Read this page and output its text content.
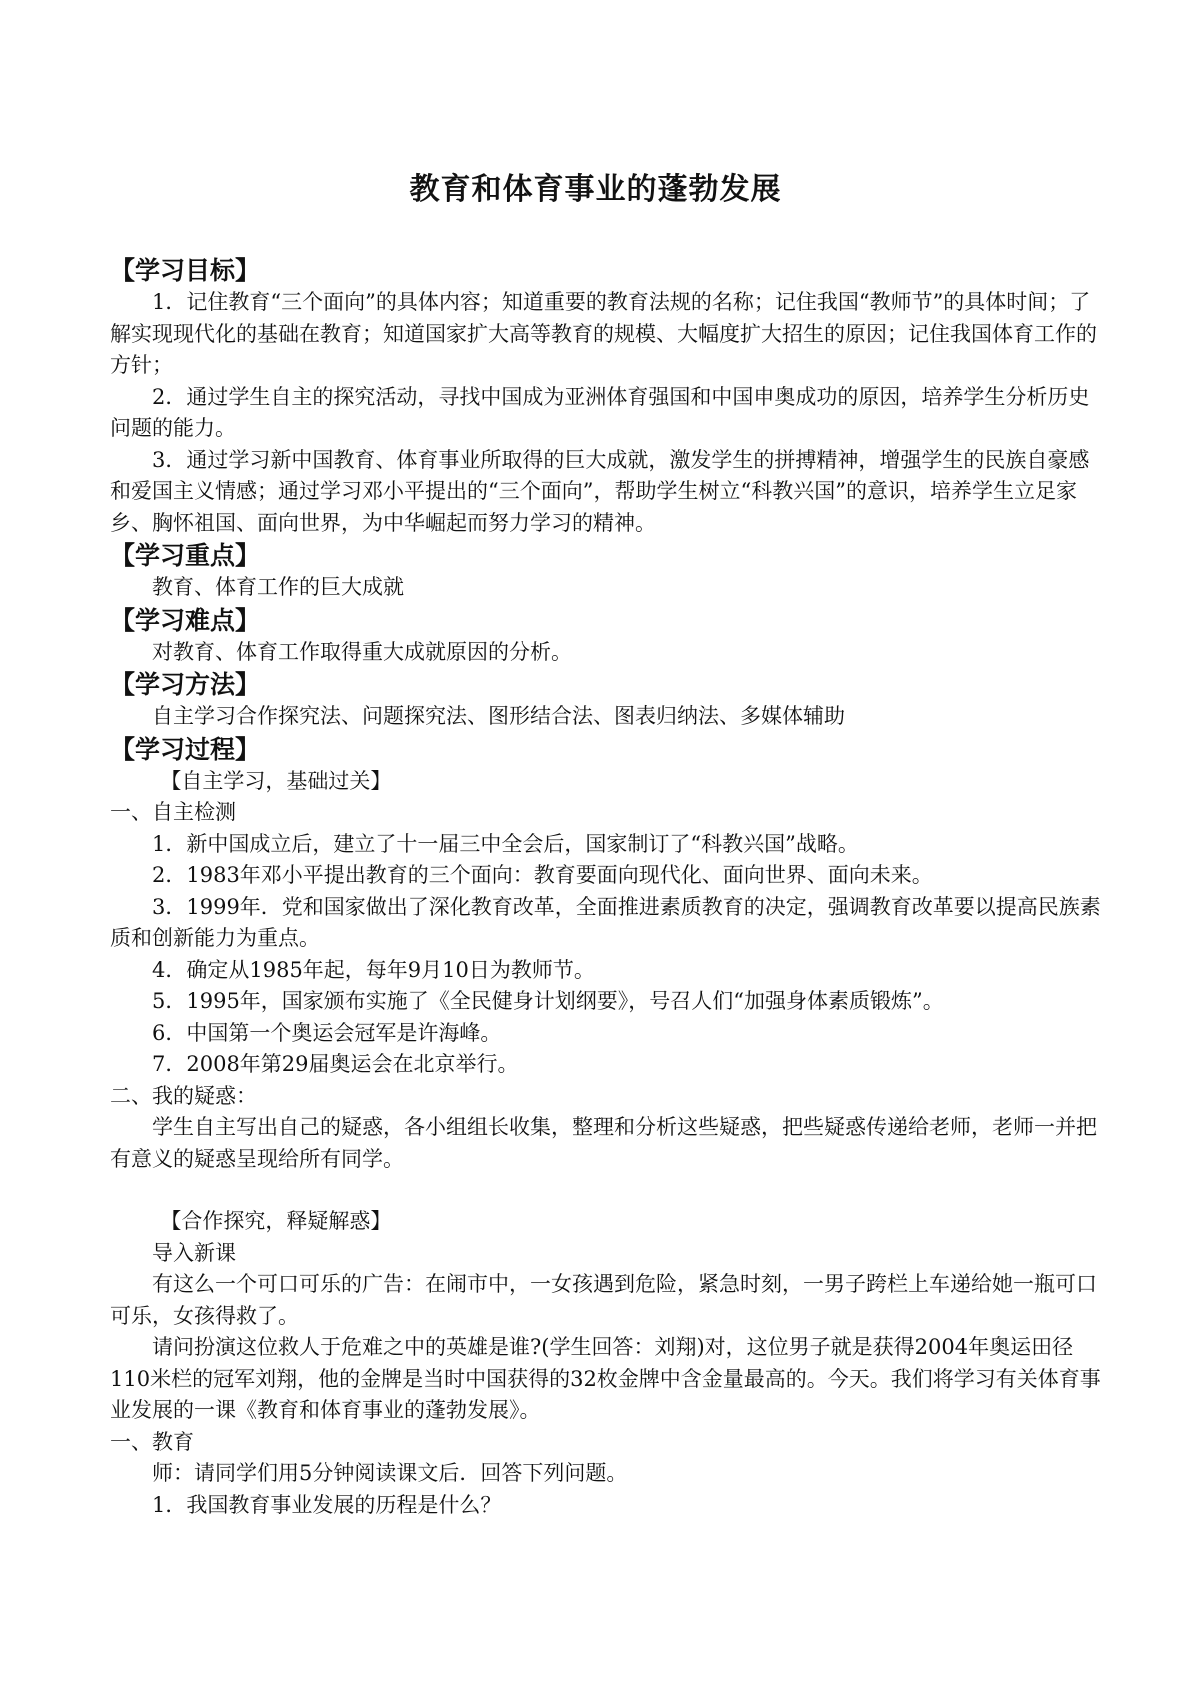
教育和体育事业的蓬勃发展
【学习目标】

1．记住教育“三个面向”的具体内容；知道重要的教育法规的名称；记住我国“教师节”的具体时间；了解实现现代化的基础在教育；知道国家扩大高等教育的规模、大幅度扩大招生的原因；记住我国体育工作的方针；

2．通过学生自主的探究活动，寻找中国成为亚洲体育强国和中国申奥成功的原因，培养学生分析历史问题的能力。

3．通过学习新中国教育、体育事业所取得的巨大成就，激发学生的拼搏精神，增强学生的民族自豪感和爱国主义情感；通过学习邓小平提出的“三个面向”，帮助学生树立“科教兴国”的意识，培养学生立足家乡、胸怀祖国、面向世界，为中华崛起而努力学习的精神。

【学习重点】

教育、体育工作的巨大成就

【学习难点】

对教育、体育工作取得重大成就原因的分析。

【学习方法】

自主学习合作探究法、问题探究法、图形结合法、图表归纳法、多媒体辅助

【学习过程】

【自主学习，基础过关】

一、自主检测

1．新中国成立后，建立了十一届三中全会后，国家制订了“科教兴国”战略。

2．1983年邓小平提出教育的三个面向：教育要面向现代化、面向世界、面向未来。

3．1999年．党和国家做出了深化教育改革，全面推进素质教育的决定，强调教育改革要以提高民族素质和创新能力为重点。

4．确定从1985年起，每年9月10日为教师节。

5．1995年，国家颁布实施了《全民健身计划纲要》，号召人们“加强身体素质锻炼”。

6．中国第一个奥运会冠军是许海峰。

7．2008年第29届奥运会在北京举行。

二、我的疑惑：

学生自主写出自己的疑惑，各小组组长收集，整理和分析这些疑惑，把些疑惑传递给老师，老师一并把有意义的疑惑呈现给所有同学。

【合作探究，释疑解惑】

导入新课

有这么一个可口可乐的广告：在闹市中，一女孩遇到危险，紧急时刻，一男子跨栏上车递给她一瓶可口可乐，女孩得救了。

请问扮演这位救人于危难之中的英雄是谁?(学生回答：刘翔)对，这位男子就是获得2004年奥运田径110米栏的冠军刘翔，他的金牌是当时中国获得的32枚金牌中含金量最高的。今天。我们将学习有关体育事业发展的一课《教育和体育事业的蓬勃发展》。

一、教育

师：请同学们用5分钟阅读课文后．回答下列问题。

1．我国教育事业发展的历程是什么？
